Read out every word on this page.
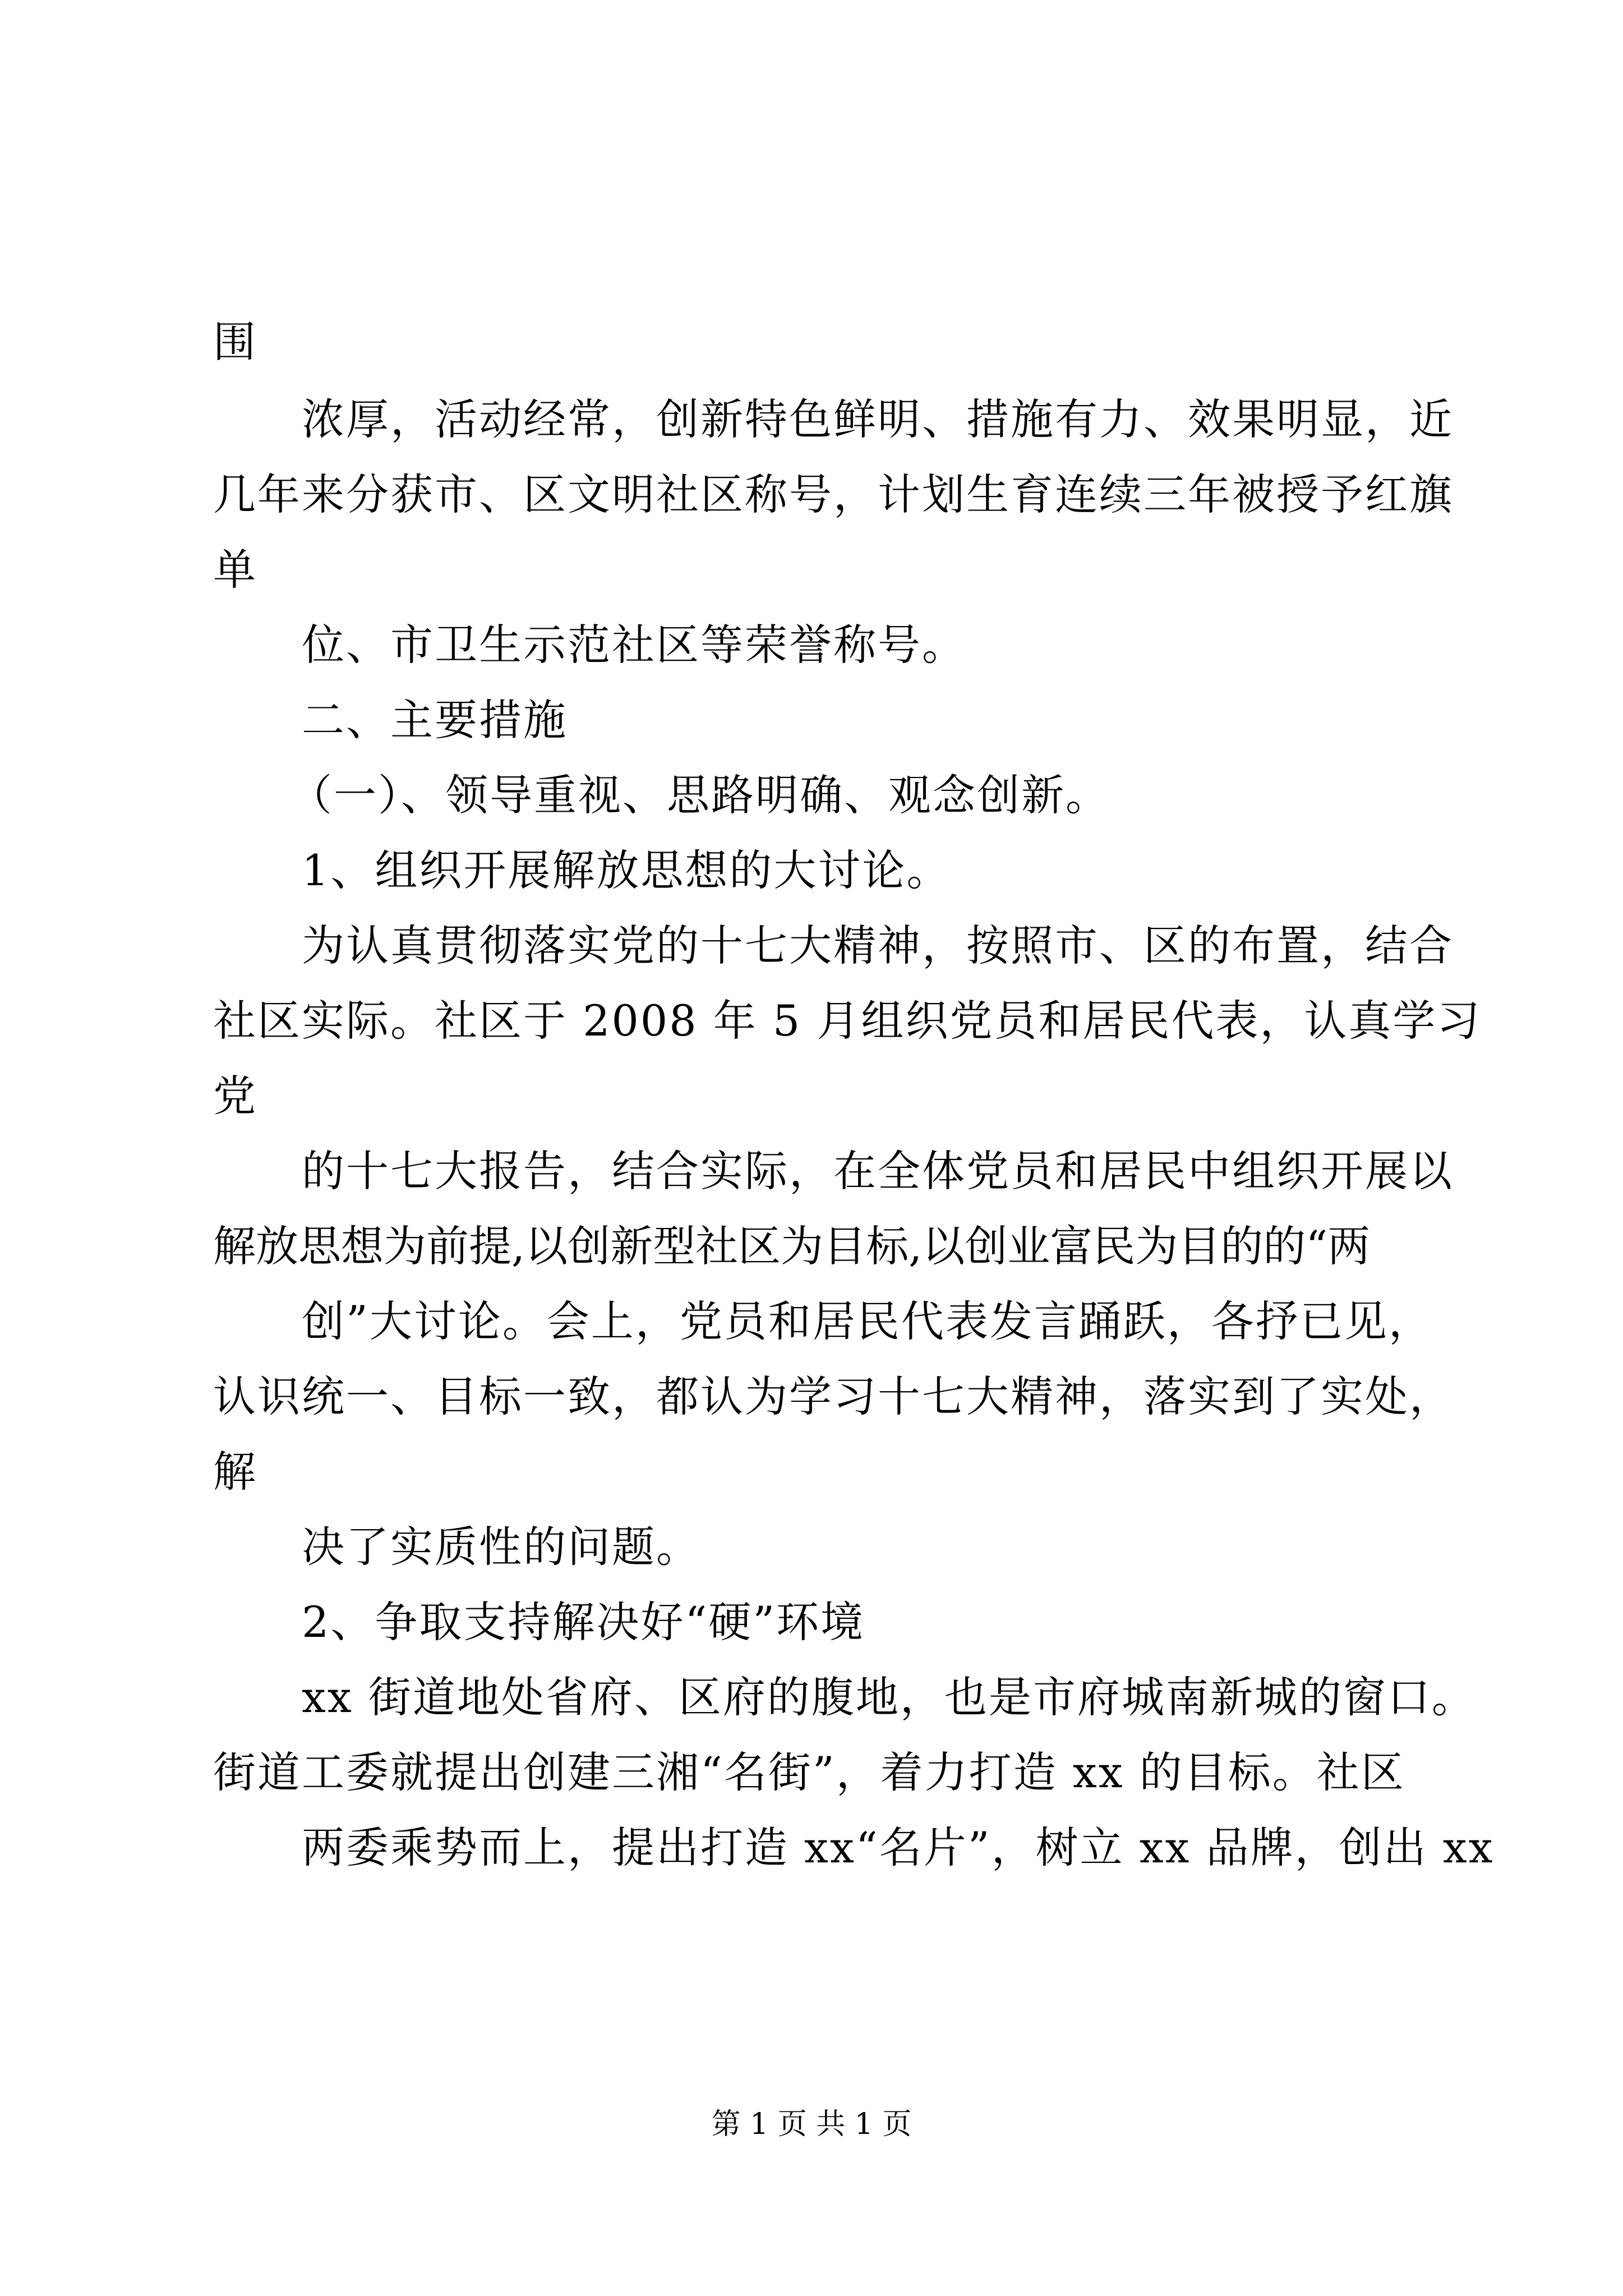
围
浓厚，活动经常，创新特色鲜明、措施有力、效果明显，近
几年来分获市、区文明社区称号，计划生育连续三年被授予红旗
单
位、市卫生示范社区等荣誉称号。
二、主要措施
（一）、领导重视、思路明确、观念创新。
1、组织开展解放思想的大讨论。
为认真贯彻落实党的十七大精神，按照市、区的布置，结合
社区实际。社区于 2008 年 5 月组织党员和居民代表，认真学习
党
的十七大报告，结合实际，在全体党员和居民中组织开展以
解放思想为前提,以创新型社区为目标,以创业富民为目的的“两
创”大讨论。会上，党员和居民代表发言踊跃，各抒已见，
认识统一、目标一致，都认为学习十七大精神，落实到了实处，
解
决了实质性的问题。
2、争取支持解决好“硬”环境
xx 街道地处省府、区府的腹地，也是市府城南新城的窗口。
街道工委就提出创建三湘“名街”，着力打造 xx 的目标。社区
两委乘势而上，提出打造 xx“名片”，树立 xx 品牌，创出 xx
第 1 页 共 1 页
